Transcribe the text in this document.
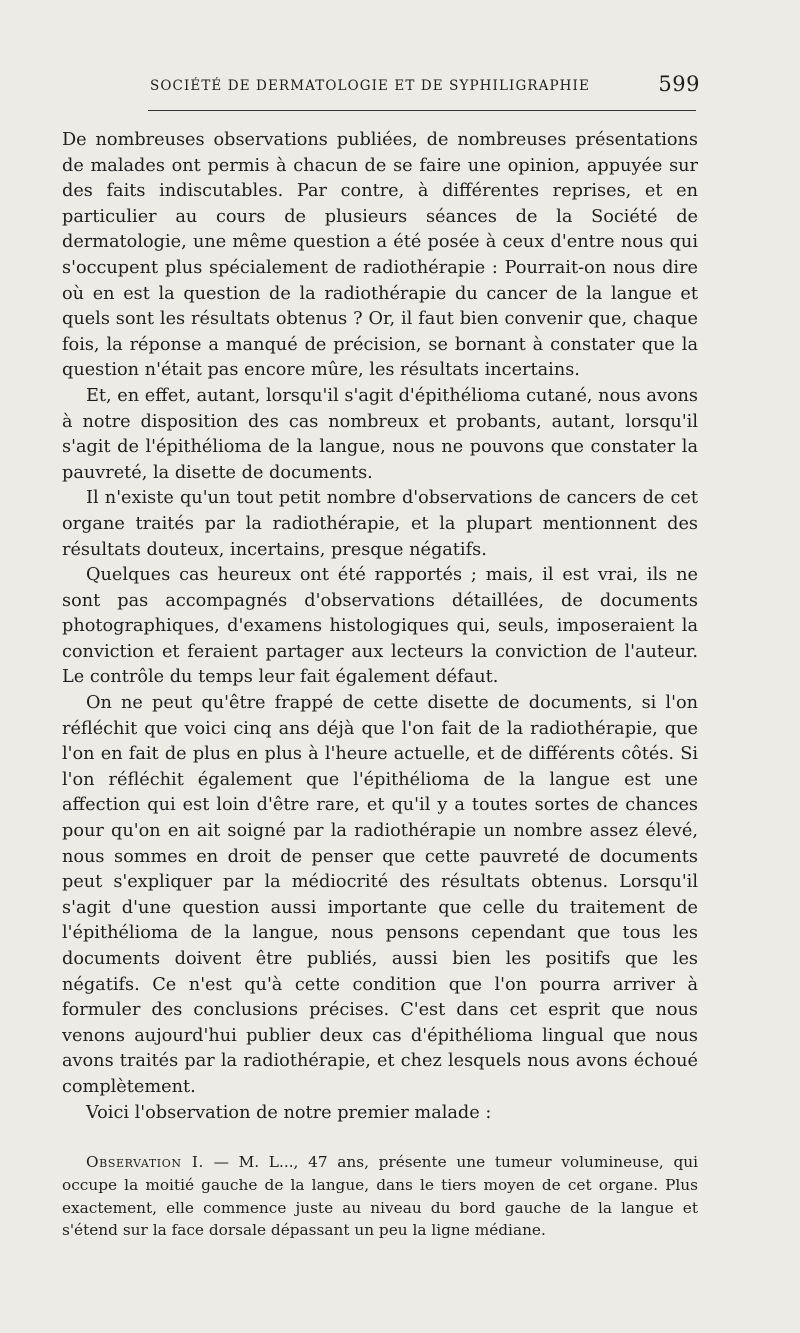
SOCIÉTÉ DE DERMATOLOGIE ET DE SYPHILIGRAPHIE	599

De nombreuses observations publiées, de nombreuses présentations de malades ont permis à chacun de se faire une opinion, appuyée sur des faits indiscutables. Par contre, à différentes reprises, et en particulier au cours de plusieurs séances de la Société de dermatologie, une même question a été posée à ceux d'entre nous qui s'occupent plus spécialement de radiothérapie : Pourrait-on nous dire où en est la question de la radiothérapie du cancer de la langue et quels sont les résultats obtenus ? Or, il faut bien convenir que, chaque fois, la réponse a manqué de précision, se bornant à constater que la question n'était pas encore mûre, les résultats incertains.

Et, en effet, autant, lorsqu'il s'agit d'épithélioma cutané, nous avons à notre disposition des cas nombreux et probants, autant, lorsqu'il s'agit de l'épithélioma de la langue, nous ne pouvons que constater la pauvreté, la disette de documents.

Il n'existe qu'un tout petit nombre d'observations de cancers de cet organe traités par la radiothérapie, et la plupart mentionnent des résultats douteux, incertains, presque négatifs.

Quelques cas heureux ont été rapportés ; mais, il est vrai, ils ne sont pas accompagnés d'observations détaillées, de documents photographiques, d'examens histologiques qui, seuls, imposeraient la conviction et feraient partager aux lecteurs la conviction de l'auteur. Le contrôle du temps leur fait également défaut.

On ne peut qu'être frappé de cette disette de documents, si l'on réfléchit que voici cinq ans déjà que l'on fait de la radiothérapie, que l'on en fait de plus en plus à l'heure actuelle, et de différents côtés. Si l'on réfléchit également que l'épithélioma de la langue est une affection qui est loin d'être rare, et qu'il y a toutes sortes de chances pour qu'on en ait soigné par la radiothérapie un nombre assez élevé, nous sommes en droit de penser que cette pauvreté de documents peut s'expliquer par la médiocrité des résultats obtenus. Lorsqu'il s'agit d'une question aussi importante que celle du traitement de l'épithélioma de la langue, nous pensons cependant que tous les documents doivent être publiés, aussi bien les positifs que les négatifs. Ce n'est qu'à cette condition que l'on pourra arriver à formuler des conclusions précises. C'est dans cet esprit que nous venons aujourd'hui publier deux cas d'épithélioma lingual que nous avons traités par la radiothérapie, et chez lesquels nous avons échoué complètement.

Voici l'observation de notre premier malade :

Observation I. — M. L..., 47 ans, présente une tumeur volumineuse, qui occupe la moitié gauche de la langue, dans le tiers moyen de cet organe. Plus exactement, elle commence juste au niveau du bord gauche de la langue et s'étend sur la face dorsale dépassant un peu la ligne médiane.
